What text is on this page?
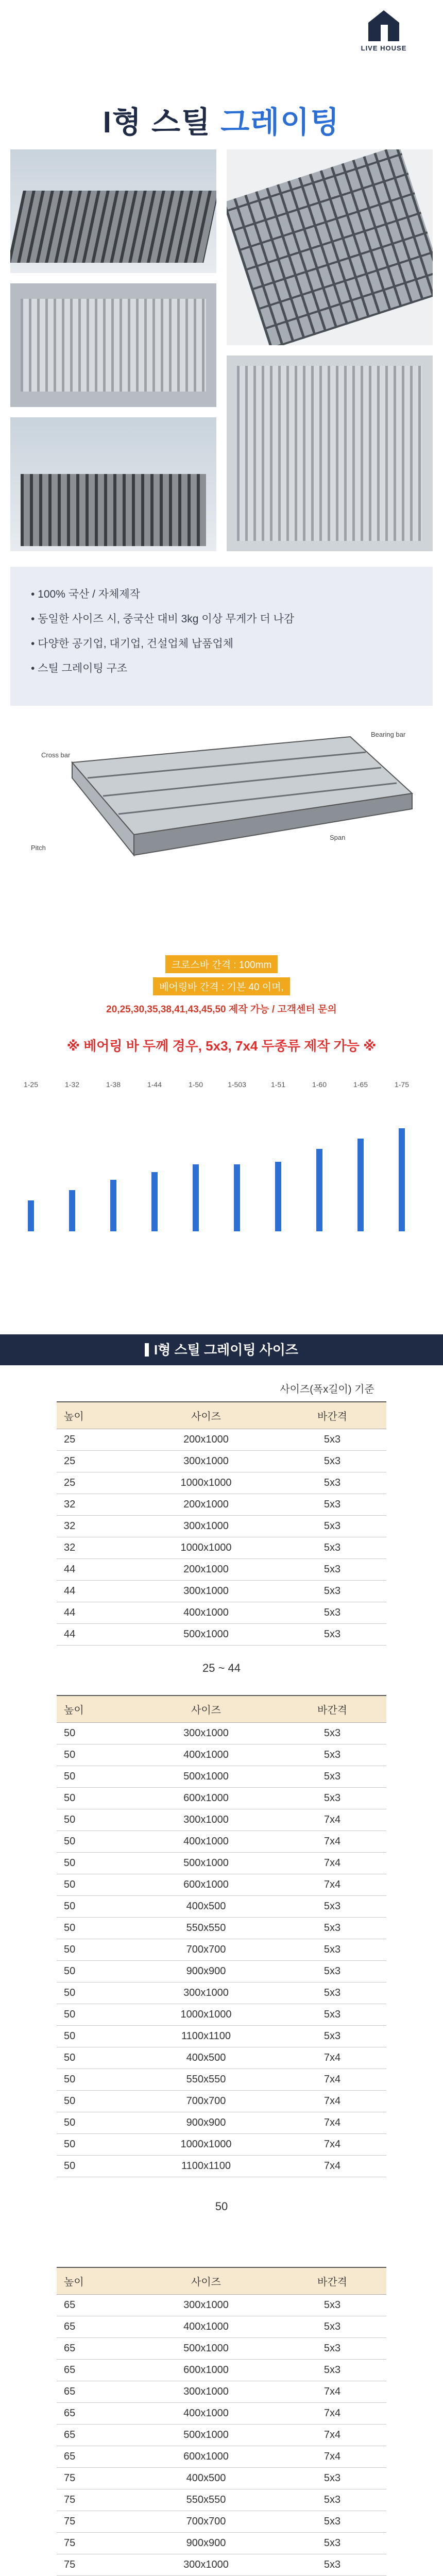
LIVE HOUSE
I형 스틸 그레이팅
• 100% 국산 / 자체제작
• 동일한 사이즈 시, 중국산 대비 3kg 이상 무게가 더 나감
• 다양한 공기업, 대기업, 건설업체 납품업체
• 스틸 그레이팅 구조
Cross bar
Bearing bar
Pitch
Span
크로스바 간격 : 100mm
베어링바 간격 : 기본 40 이며,
20,25,30,35,38,41,43,45,50 제작 가능 / 고객센터 문의
※ 베어링 바 두께 경우, 5x3, 7x4 두종류 제작 가능 ※
1-25	1-32	1-38	1-44	1-50	1-503	1-51	1-60	1-65	1-75
I형 스틸 그레이팅 사이즈
사이즈(폭x길이) 기준
높이	사이즈	바간격
25	200x1000	5x3
25	300x1000	5x3
25	1000x1000	5x3
32	200x1000	5x3
32	300x1000	5x3
32	1000x1000	5x3
44	200x1000	5x3
44	300x1000	5x3
44	400x1000	5x3
44	500x1000	5x3
25 ~ 44
높이	사이즈	바간격
50	300x1000	5x3
50	400x1000	5x3
50	500x1000	5x3
50	600x1000	5x3
50	300x1000	7x4
50	400x1000	7x4
50	500x1000	7x4
50	600x1000	7x4
50	400x500	5x3
50	550x550	5x3
50	700x700	5x3
50	900x900	5x3
50	300x1000	5x3
50	1000x1000	5x3
50	1100x1100	5x3
50	400x500	7x4
50	550x550	7x4
50	700x700	7x4
50	900x900	7x4
50	1000x1000	7x4
50	1100x1100	7x4
50
높이	사이즈	바간격
65	300x1000	5x3
65	400x1000	5x3
65	500x1000	5x3
65	600x1000	5x3
65	300x1000	7x4
65	400x1000	7x4
65	500x1000	7x4
65	600x1000	7x4
75	400x500	5x3
75	550x550	5x3
75	700x700	5x3
75	900x900	5x3
75	300x1000	5x3
